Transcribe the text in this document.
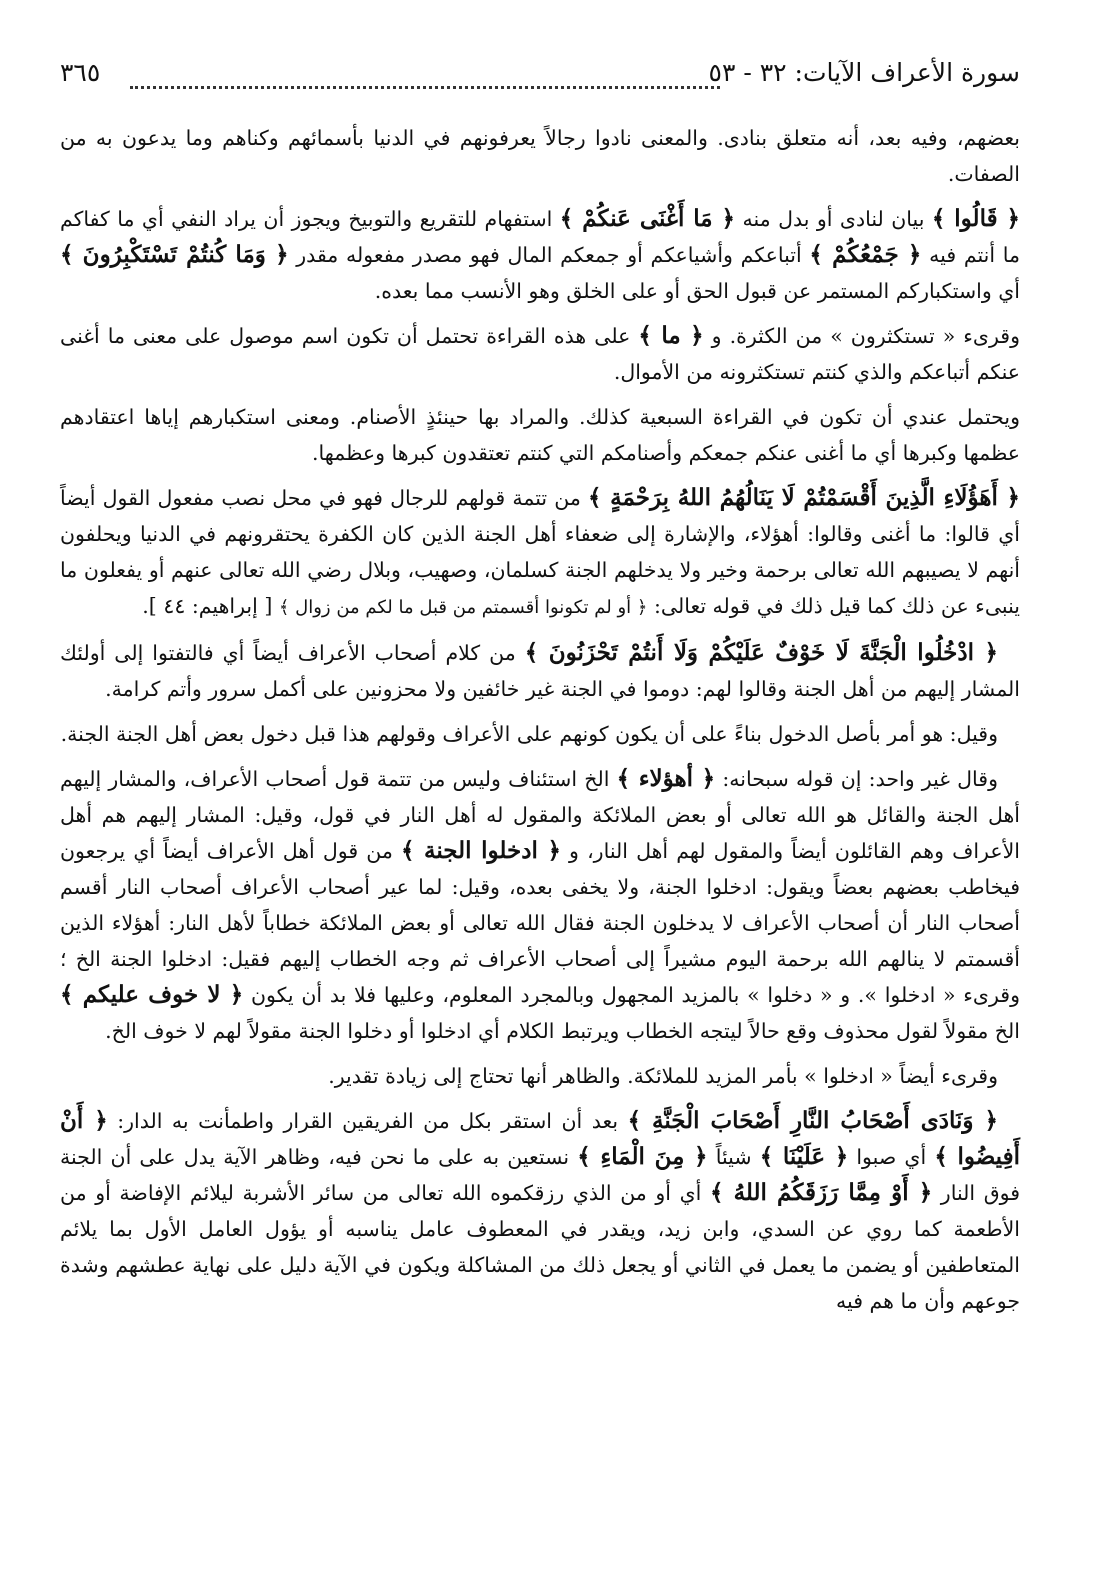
سورة الأعراف الآيات: ٣٢ - ٥٣
٣٦٥

بعضهم، وفيه بعد، أنه متعلق بنادى. والمعنى نادوا رجالاً يعرفونهم في الدنيا بأسمائهم وكناهم وما يدعون به من الصفات.

﴿ قَالُوا ﴾ بيان لنادى أو بدل منه ﴿ مَا أَغْنَى عَنكُمْ ﴾ استفهام للتقريع والتوبيخ ويجوز أن يراد النفي أي ما كفاكم ما أنتم فيه ﴿ جَمْعُكُمْ ﴾ أتباعكم وأشياعكم أو جمعكم المال فهو مصدر مفعوله مقدر ﴿ وَمَا كُنتُمْ تَسْتَكْبِرُونَ ﴾ أي واستكباركم المستمر عن قبول الحق أو على الخلق وهو الأنسب مما بعده.

وقرىء « تستكثرون » من الكثرة. و ﴿ ما ﴾ على هذه القراءة تحتمل أن تكون اسم موصول على معنى ما أغنى عنكم أتباعكم والذي كنتم تستكثرونه من الأموال.

ويحتمل عندي أن تكون في القراءة السبعية كذلك. والمراد بها حينئذٍ الأصنام. ومعنى استكبارهم إياها اعتقادهم عظمها وكبرها أي ما أغنى عنكم جمعكم وأصنامكم التي كنتم تعتقدون كبرها وعظمها.

﴿ أَهَؤُلَاءِ الَّذِينَ أَقْسَمْتُمْ لَا يَنَالُهُمُ اللهُ بِرَحْمَةٍ ﴾ من تتمة قولهم للرجال فهو في محل نصب مفعول القول أيضاً أي قالوا: ما أغنى وقالوا: أهؤلاء، والإشارة إلى ضعفاء أهل الجنة الذين كان الكفرة يحتقرونهم في الدنيا ويحلفون أنهم لا يصيبهم الله تعالى برحمة وخير ولا يدخلهم الجنة كسلمان، وصهيب، وبلال رضي الله تعالى عنهم أو يفعلون ما ينبىء عن ذلك كما قيل ذلك في قوله تعالى: ﴿ أو لم تكونوا أقسمتم من قبل ما لكم من زوال ﴾ [ إبراهيم: ٤٤ ].

﴿ ادْخُلُوا الْجَنَّةَ لَا خَوْفٌ عَلَيْكُمْ وَلَا أَنتُمْ تَحْزَنُونَ ﴾ من كلام أصحاب الأعراف أيضاً أي فالتفتوا إلى أولئك المشار إليهم من أهل الجنة وقالوا لهم: دوموا في الجنة غير خائفين ولا محزونين على أكمل سرور وأتم كرامة.

وقيل: هو أمر بأصل الدخول بناءً على أن يكون كونهم على الأعراف وقولهم هذا قبل دخول بعض أهل الجنة الجنة.

وقال غير واحد: إن قوله سبحانه: ﴿ أهؤلاء ﴾ الخ استئناف وليس من تتمة قول أصحاب الأعراف، والمشار إليهم أهل الجنة والقائل هو الله تعالى أو بعض الملائكة والمقول له أهل النار في قول، وقيل: المشار إليهم هم أهل الأعراف وهم القائلون أيضاً والمقول لهم أهل النار، و ﴿ ادخلوا الجنة ﴾ من قول أهل الأعراف أيضاً أي يرجعون فيخاطب بعضهم بعضاً ويقول: ادخلوا الجنة، ولا يخفى بعده، وقيل: لما عير أصحاب الأعراف أصحاب النار أقسم أصحاب النار أن أصحاب الأعراف لا يدخلون الجنة فقال الله تعالى أو بعض الملائكة خطاباً لأهل النار: أهؤلاء الذين أقسمتم لا ينالهم الله برحمة اليوم مشيراً إلى أصحاب الأعراف ثم وجه الخطاب إليهم فقيل: ادخلوا الجنة الخ ؛ وقرىء « ادخلوا ». و « دخلوا » بالمزيد المجهول وبالمجرد المعلوم، وعليها فلا بد أن يكون ﴿ لا خوف عليكم ﴾ الخ مقولاً لقول محذوف وقع حالاً ليتجه الخطاب ويرتبط الكلام أي ادخلوا أو دخلوا الجنة مقولاً لهم لا خوف الخ.

وقرىء أيضاً « ادخلوا » بأمر المزيد للملائكة. والظاهر أنها تحتاج إلى زيادة تقدير.

﴿ وَنَادَى أَصْحَابُ النَّارِ أَصْحَابَ الْجَنَّةِ ﴾ بعد أن استقر بكل من الفريقين القرار واطمأنت به الدار: ﴿ أَنْ أَفِيضُوا ﴾ أي صبوا ﴿ عَلَيْنَا ﴾ شيئاً ﴿ مِنَ الْمَاءِ ﴾ نستعين به على ما نحن فيه، وظاهر الآية يدل على أن الجنة فوق النار ﴿ أَوْ مِمَّا رَزَقَكُمُ اللهُ ﴾ أي أو من الذي رزقكموه الله تعالى من سائر الأشربة ليلائم الإفاضة أو من الأطعمة كما روي عن السدي، وابن زيد، ويقدر في المعطوف عامل يناسبه أو يؤول العامل الأول بما يلائم المتعاطفين أو يضمن ما يعمل في الثاني أو يجعل ذلك من المشاكلة ويكون في الآية دليل على نهاية عطشهم وشدة جوعهم وأن ما هم فيه
